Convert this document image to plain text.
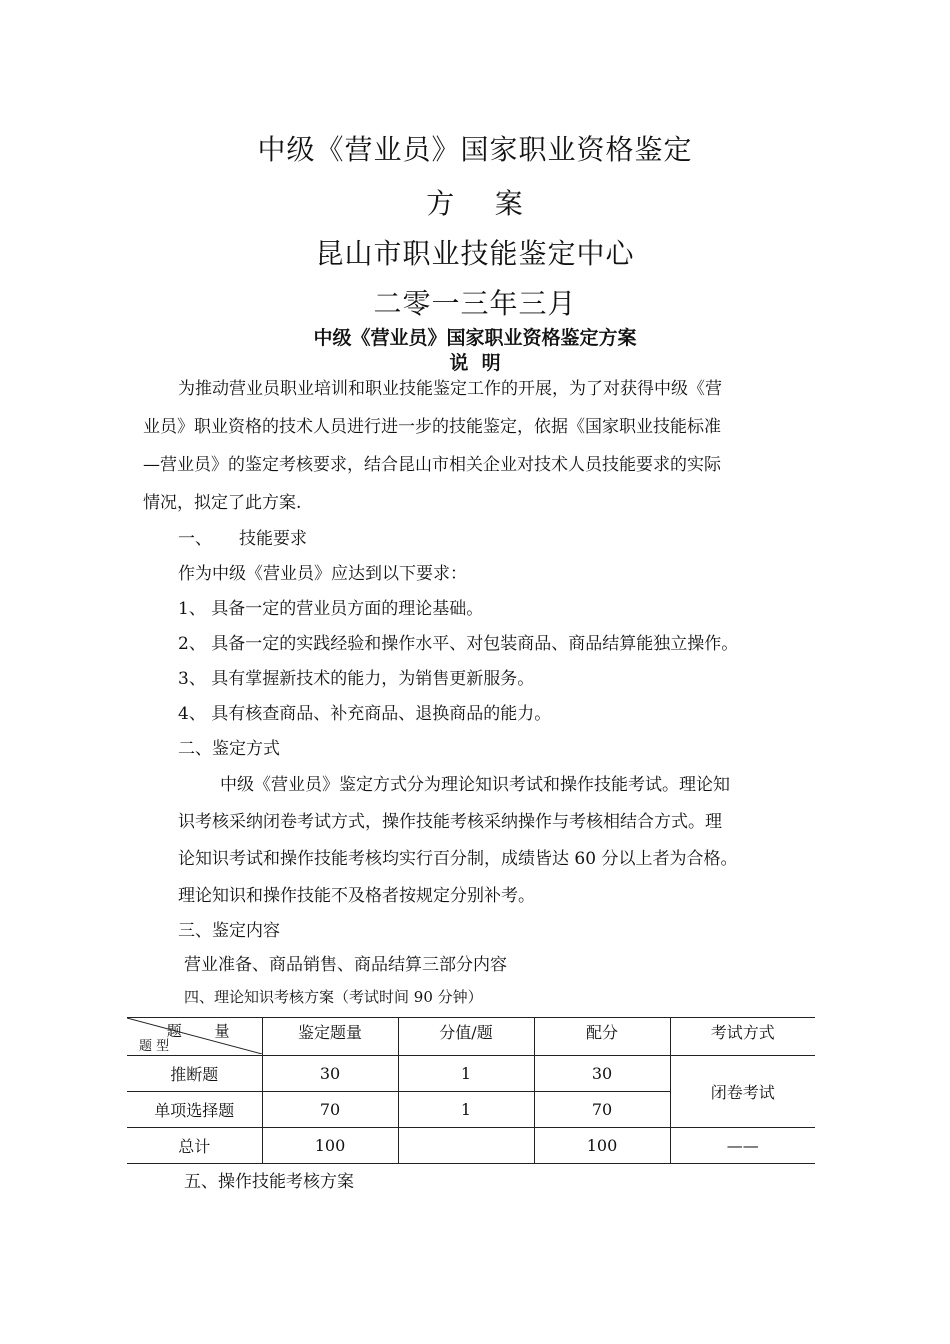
中级《营业员》国家职业资格鉴定
方    案
昆山市职业技能鉴定中心
二零一三年三月
中级《营业员》国家职业资格鉴定方案
说  明
为推动营业员职业培训和职业技能鉴定工作的开展，为了对获得中级《营
业员》职业资格的技术人员进行进一步的技能鉴定，依据《国家职业技能标准
—营业员》的鉴定考核要求，结合昆山市相关企业对技术人员技能要求的实际
情况，拟定了此方案.
一、     技能要求
作为中级《营业员》应达到以下要求：
1、 具备一定的营业员方面的理论基础。
2、 具备一定的实践经验和操作水平、对包装商品、商品结算能独立操作。
3、 具有掌握新技术的能力，为销售更新服务。
4、 具有核查商品、补充商品、退换商品的能力。
二、鉴定方式
中级《营业员》鉴定方式分为理论知识考试和操作技能考试。理论知
识考核采纳闭卷考试方式，操作技能考核采纳操作与考核相结合方式。理
论知识考试和操作技能考核均实行百分制，成绩皆达 60 分以上者为合格。
理论知识和操作技能不及格者按规定分别补考。
三、鉴定内容
营业准备、商品销售、商品结算三部分内容
四、理论知识考核方案（考试时间 90 分钟）
题 量
题 型	鉴定题量	分值/题	配分	考试方式
推断题	30	1	30	闭卷考试
单项选择题	70	1	70	
总计	100		100	——
五、操作技能考核方案
